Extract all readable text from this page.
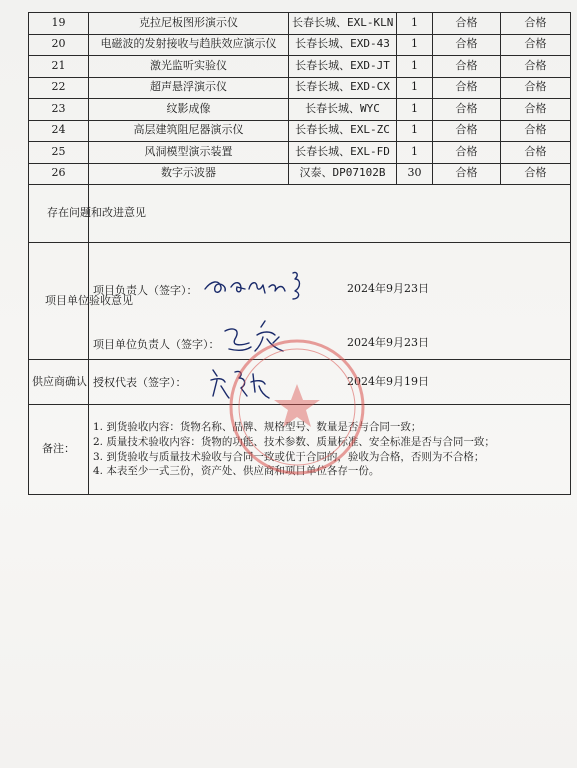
19	克拉尼板图形演示仪	长春长城、EXL-KLN	1	合格	合格
20	电磁波的发射接收与趋肤效应演示仪	长春长城、EXD-43	1	合格	合格
21	激光监听实验仪	长春长城、EXD-JT	1	合格	合格
22	超声悬浮演示仪	长春长城、EXD-CX	1	合格	合格
23	纹影成像	长春长城、WYC	1	合格	合格
24	高层建筑阻尼器演示仪	长春长城、EXL-ZC	1	合格	合格
25	风洞模型演示装置	长春长城、EXL-FD	1	合格	合格
26	数字示波器	汉泰、DP07102B	30	合格	合格
存在问题和改进意见					
项目单位验收意见	项目负责人（签字）： 2024年9月23日
项目单位负责人（签字）： 2024年9月23日				

供应商确认	授权代表（签字）： 2024年9月19日				

备注：	1. 到货验收内容：货物名称、品牌、规格型号、数量是否与合同一致；

2. 质量技术验收内容：货物的功能、技术参数、质量标准、安全标准是否与合同一致；

3. 到货验收与质量技术验收与合同一致或优于合同的，验收为合格，否则为不合格；

4. 本表至少一式三份，资产处、供应商和项目单位各存一份。				
